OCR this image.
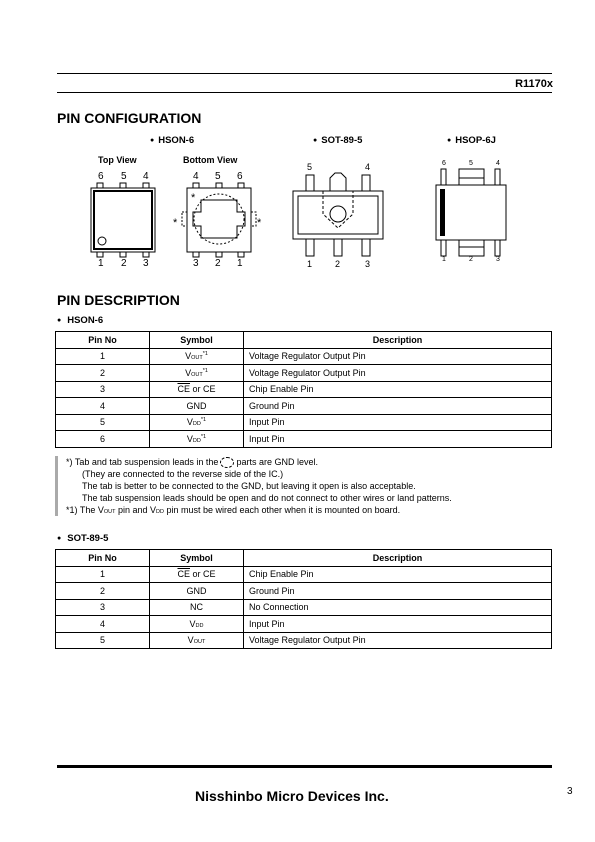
R1170x
PIN CONFIGURATION
● HSON-6	● SOT-89-5	● HSOP-6J
Top View	Bottom View
6 5 4
1 2 3
4 5 6
*
*	*
3 2 1
5	4
1	2	3
6	5	4
1	2	3
PIN DESCRIPTION
● HSON-6
Pin No	Symbol	Description
1	VOUT$^{*1}$	Voltage Regulator Output Pin
2	VOUT$^{*1}$	Voltage Regulator Output Pin
3	$\overline{CE}$ or CE	Chip Enable Pin
4	GND	Ground Pin
5	VDD$^{*1}$	Input Pin
6	VDD$^{*1}$	Input Pin
*) Tab and tab suspension leads in the parts are GND level.
(They are connected to the reverse side of the IC.)
The tab is better to be connected to the GND, but leaving it open is also acceptable.
The tab suspension leads should be open and do not connect to other wires or land patterns.
*1) The VOUT pin and VDD pin must be wired each other when it is mounted on board.
● SOT-89-5
Pin No	Symbol	Description
1	$\overline{CE}$ or CE	Chip Enable Pin
2	GND	Ground Pin
3	NC	No Connection
4	VDD	Input Pin
5	VOUT	Voltage Regulator Output Pin
Nisshinbo Micro Devices Inc.	3
